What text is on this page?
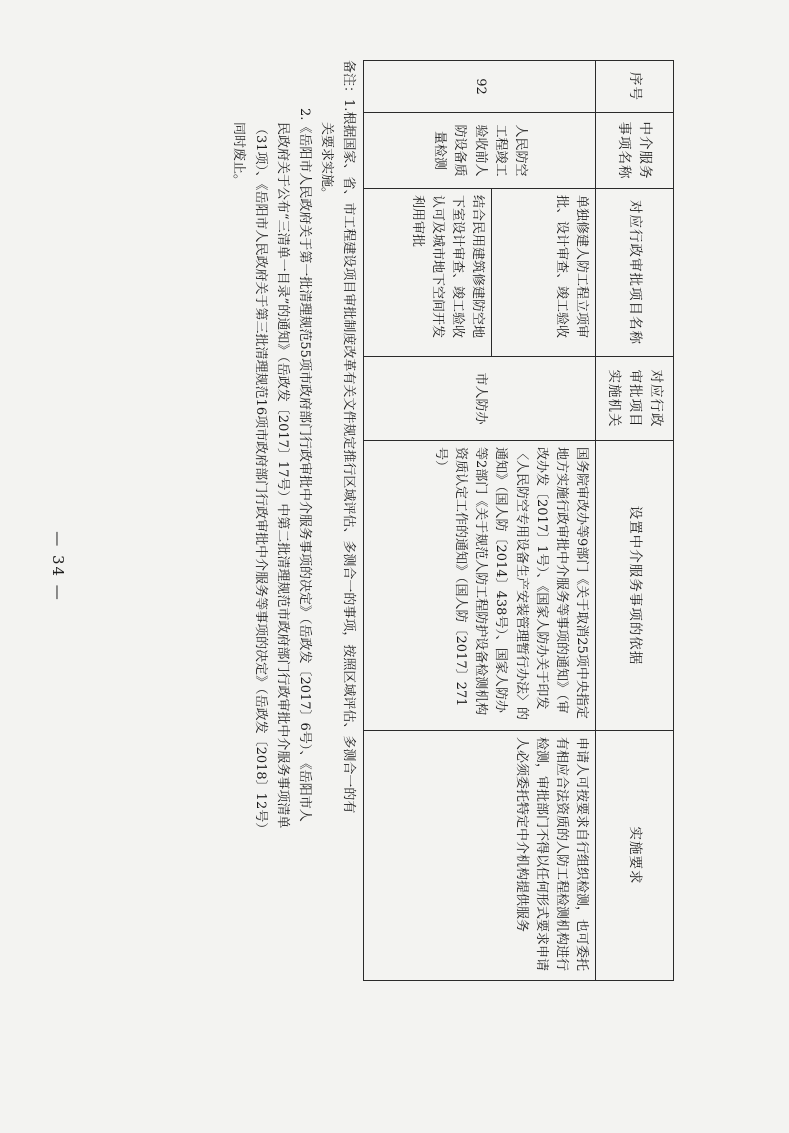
序号	中介服务事项名称	对应行政审批项目名称	对应行政审批项目实施机关	设置中介服务事项的依据	实施要求
92	人民防空工程竣工验收前人防设备质量检测	单独修建人防工程立项审批、设计审查、竣工验收	市人防办	国务院审改办等9部门《关于取消25项中央指定地方实施行政审批中介服务等事项的通知》（审改办发〔2017〕1号）、《国家人防办关于印发〈人民防空专用设备生产安装管理暂行办法〉的通知》（国人防〔2014〕438号）、国家人防办等2部门《关于规范人防工程防护设备检测机构资质认定工作的通知》（国人防〔2017〕271号）	申请人可按要求自行组织检测，也可委托有相应合法资质的人防工程检测机构进行检测，审批部门不得以任何形式要求申请人必须委托特定中介机构提供服务
		结合民用建筑修建防空地下室设计审查、竣工验收认可及城市地下空间开发利用审批			

备注：1.根据国家、省、市工程建设项目审批制度改革有关文件规定推行区域评估、多测合一的事项，按照区域评估、多测合一的有

关要求实施。

2.《岳阳市人民政府关于第一批清理规范55项市政府部门行政审批中介服务事项的决定》（岳政发〔2017〕6号）、《岳阳市人

民政府关于公布“三清单一目录”的通知》（岳政发〔2017〕17号）中第二批清理规范市政府部门行政审批中介服务事项清单

（31项）、《岳阳市人民政府关于第三批清理规范16项市政府部门行政审批中介服务等事项的决定》（岳政发〔2018〕12号）

同时废止。

— 34 —
